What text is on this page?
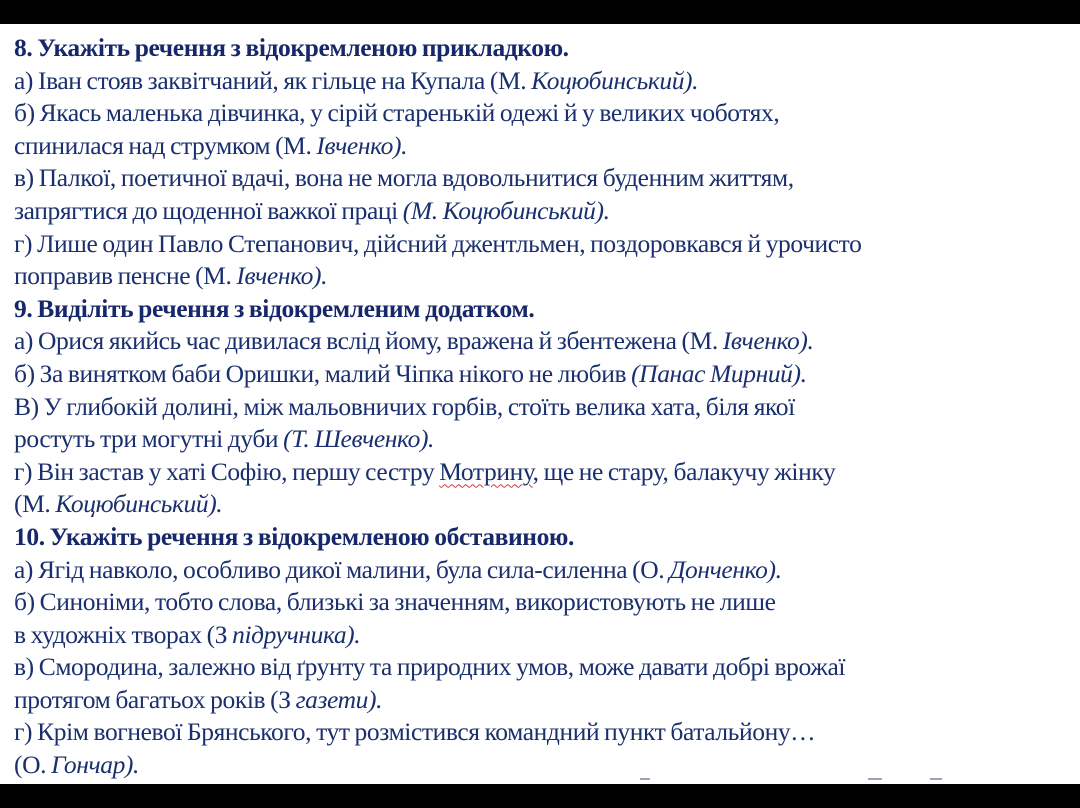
8. Укажіть речення з відокремленою прикладкою.
а) Іван стояв заквітчаний, як гільце на Купала (М. Коцюбинський).
б) Якась маленька дівчинка, у сірій старенькій одежі й у великих чоботях,
спинилася над струмком (М. Івченко).
в) Палкої, поетичної вдачі, вона не могла вдовольнитися буденним життям,
запрягтися до щоденної важкої праці (М. Коцюбинський).
г) Лише один Павло Степанович, дійсний джентльмен, поздоровкався й урочисто
поправив пенсне (М. Івченко).
9. Виділіть речення з відокремленим додатком.
а) Орися якийсь час дивилася вслід йому, вражена й збентежена (М. Івченко).
б) За винятком баби Оришки, малий Чіпка нікого не любив (Панас Мирний).
В) У глибокій долині, між мальовничих горбів, стоїть велика хата, біля якої
ростуть три могутні дуби (Т. Шевченко).
г) Він застав у хаті Софію, першу сестру Мотрину, ще не стару, балакучу жінку
(М. Коцюбинський).
10. Укажіть речення з відокремленою обставиною.
а) Ягід навколо, особливо дикої малини, була сила-силенна (О. Донченко).
б) Синоніми, тобто слова, близькі за значенням, використовують не лише
в художніх творах (З підручника).
в) Смородина, залежно від ґрунту та природних умов, може давати добрі врожаї
протягом багатьох років (З газети).
г) Крім вогневої Брянського, тут розмістився командний пункт батальйону…
(О. Гончар).
